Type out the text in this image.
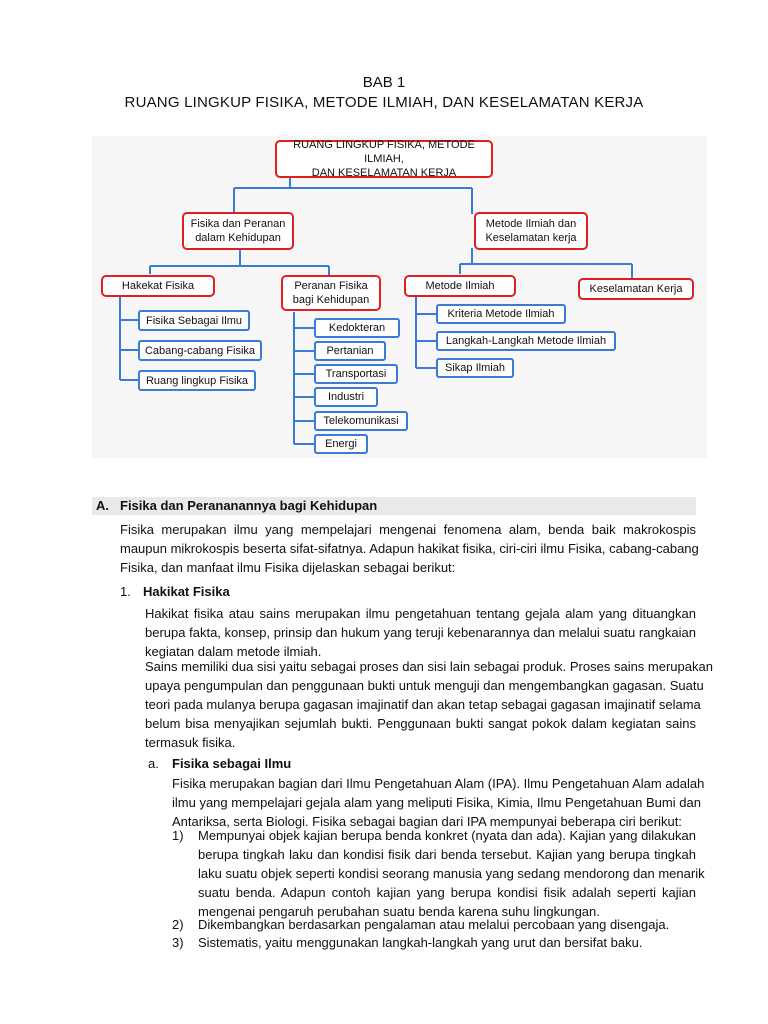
BAB 1
RUANG LINGKUP FISIKA, METODE ILMIAH, DAN KESELAMATAN KERJA
RUANG LINGKUP FISIKA, METODE ILMIAH,
DAN KESELAMATAN KERJA
Fisika dan Peranan
dalam Kehidupan
Metode Ilmiah dan
Keselamatan kerja
Hakekat Fisika	Peranan Fisika
bagi Kehidupan
Metode Ilmiah	Keselamatan Kerja
Fisika Sebagai Ilmu
Cabang-cabang Fisika
Ruang lingkup Fisika
Kedokteran
Pertanian
Transportasi
Industri
Telekomunikasi
Energi
Kriteria Metode Ilmiah
Langkah-Langkah Metode Ilmiah
Sikap Ilmiah
A. Fisika dan Perananannya bagi Kehidupan
Fisika merupakan ilmu yang mempelajari mengenai fenomena alam, benda baik makrokospis
maupun mikrokospis beserta sifat-sifatnya. Adapun hakikat fisika, ciri-ciri ilmu Fisika, cabang-cabang
Fisika, dan manfaat ilmu Fisika dijelaskan sebagai berikut:
1. Hakikat Fisika
Hakikat fisika atau sains merupakan ilmu pengetahuan tentang gejala alam yang dituangkan
berupa fakta, konsep, prinsip dan hukum yang teruji kebenarannya dan melalui suatu rangkaian
kegiatan dalam metode ilmiah.
Sains memiliki dua sisi yaitu sebagai proses dan sisi lain sebagai produk. Proses sains merupakan
upaya pengumpulan dan penggunaan bukti untuk menguji dan mengembangkan gagasan. Suatu
teori pada mulanya berupa gagasan imajinatif dan akan tetap sebagai gagasan imajinatif selama
belum bisa menyajikan sejumlah bukti. Penggunaan bukti sangat pokok dalam kegiatan sains
termasuk fisika.
a. Fisika sebagai Ilmu
Fisika merupakan bagian dari Ilmu Pengetahuan Alam (IPA). Ilmu Pengetahuan Alam adalah
ilmu yang mempelajari gejala alam yang meliputi Fisika, Kimia, Ilmu Pengetahuan Bumi dan
Antariksa, serta Biologi. Fisika sebagai bagian dari IPA mempunyai beberapa ciri berikut:
1) Mempunyai objek kajian berupa benda konkret (nyata dan ada). Kajian yang dilakukan
berupa tingkah laku dan kondisi fisik dari benda tersebut. Kajian yang berupa tingkah
laku suatu objek seperti kondisi seorang manusia yang sedang mendorong dan menarik
suatu benda. Adapun contoh kajian yang berupa kondisi fisik adalah seperti kajian
mengenai pengaruh perubahan suatu benda karena suhu lingkungan.
2) Dikembangkan berdasarkan pengalaman atau melalui percobaan yang disengaja.
3) Sistematis, yaitu menggunakan langkah-langkah yang urut dan bersifat baku.
